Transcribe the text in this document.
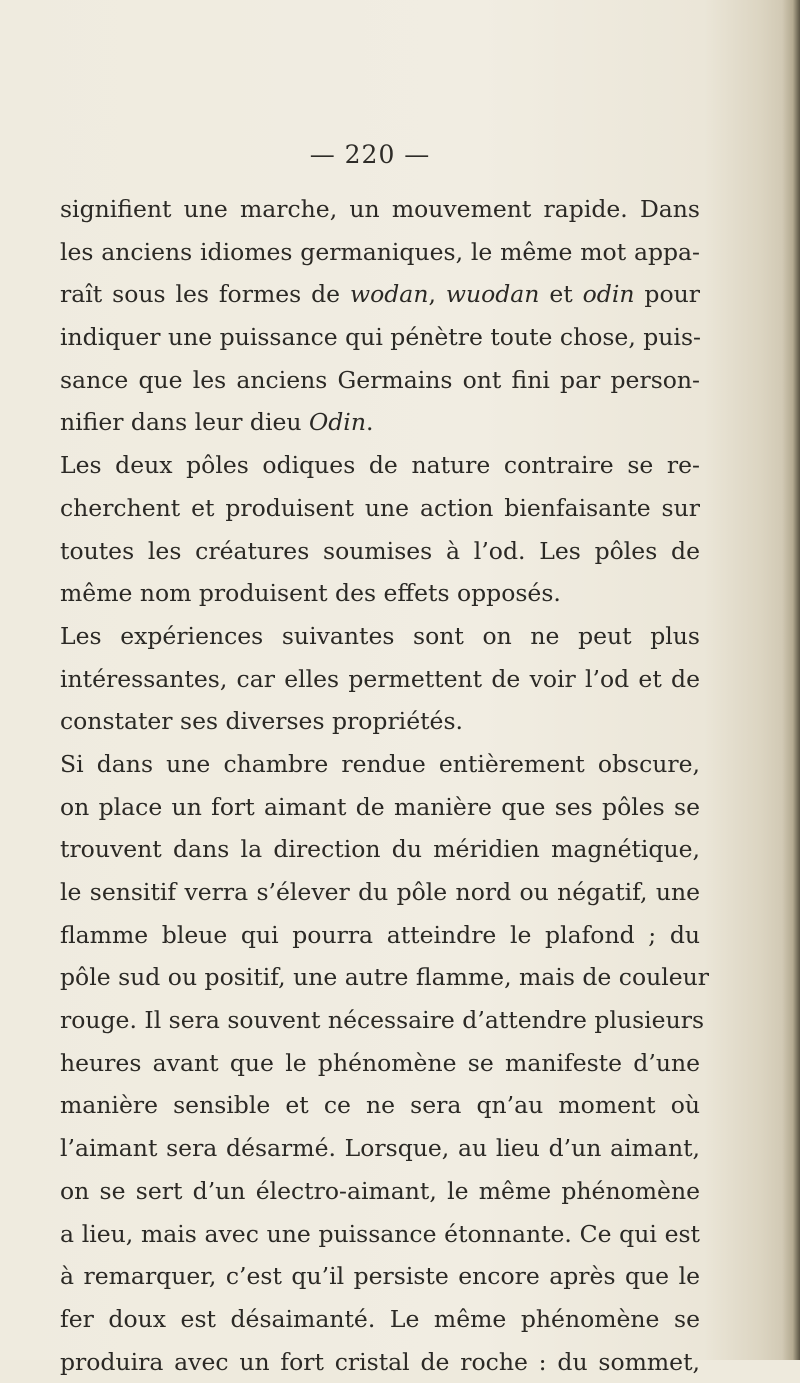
— 220 —
signifient une marche, un mouvement rapide. Dans
les anciens idiomes germaniques, le même mot appa-
raît sous les formes de wodan, wuodan et odin pour
indiquer une puissance qui pénètre toute chose, puis-
sance que les anciens Germains ont fini par person-
nifier dans leur dieu Odin.
Les deux pôles odiques de nature contraire se re-
cherchent et produisent une action bienfaisante sur
toutes les créatures soumises à l’od. Les pôles de
même nom produisent des effets opposés.
Les expériences suivantes sont on ne peut plus
intéressantes, car elles permettent de voir l’od et de
constater ses diverses propriétés.
Si dans une chambre rendue entièrement obscure,
on place un fort aimant de manière que ses pôles se
trouvent dans la direction du méridien magnétique,
le sensitif verra s’élever du pôle nord ou négatif, une
flamme bleue qui pourra atteindre le plafond ; du
pôle sud ou positif, une autre flamme, mais de couleur
rouge. Il sera souvent nécessaire d’attendre plusieurs
heures avant que le phénomène se manifeste d’une
manière sensible et ce ne sera qn’au moment où
l’aimant sera désarmé. Lorsque, au lieu d’un aimant,
on se sert d’un électro-aimant, le même phénomène
a lieu, mais avec une puissance étonnante. Ce qui est
à remarquer, c’est qu’il persiste encore après que le
fer doux est désaimanté. Le même phénomène se
produira avec un fort cristal de roche : du sommet,
